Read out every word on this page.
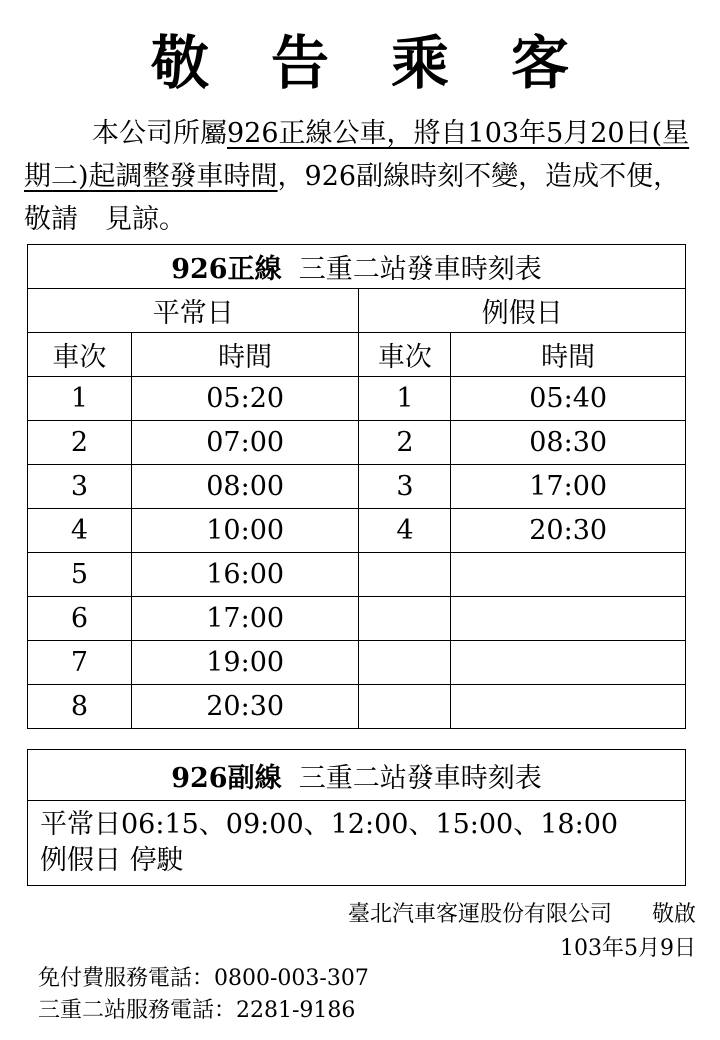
敬告乘客
本公司所屬926正線公車，將自103年5月20日(星期二)起調整發車時間，926副線時刻不變，造成不便，敬請　見諒。
926正線 三重二站發車時刻表			
平常日		例假日	
車次	時間	車次	時間
1	05:20	1	05:40
2	07:00	2	08:30
3	08:00	3	17:00
4	10:00	4	20:30
5	16:00		
6	17:00		
7	19:00		
8	20:30		
926副線 三重二站發車時刻表

平常日06:15、09:00、12:00、15:00、18:00
例假日 停駛
臺北汽車客運股份有限公司 敬啟
103年5月9日
免付費服務電話：0800-003-307
三重二站服務電話：2281-9186
